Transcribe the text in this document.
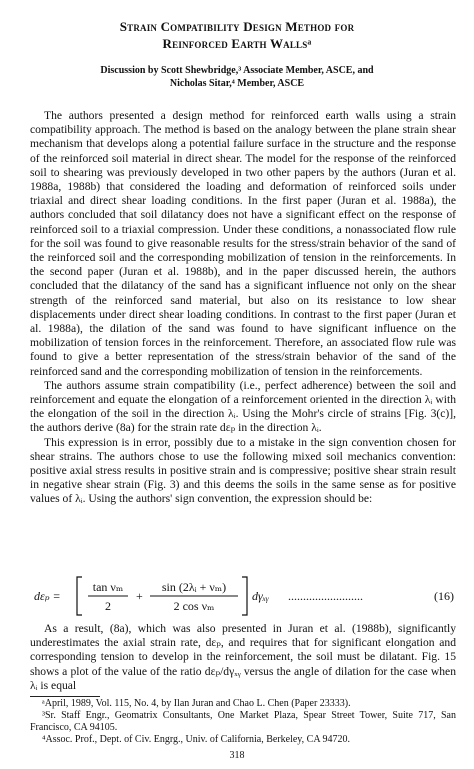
Strain Compatibility Design Method for
Reinforced Earth Wallsᵃ
Discussion by Scott Shewbridge,³ Associate Member, ASCE, and
Nicholas Sitar,⁴ Member, ASCE

The authors presented a design method for reinforced earth walls using a strain compatibility approach. The method is based on the analogy between the plane strain shear mechanism that develops along a potential failure surface in the structure and the response of the reinforced soil material in direct shear. The model for the response of the reinforced soil to shearing was previously developed in two other papers by the authors (Juran et al. 1988a, 1988b) that considered the loading and deformation of reinforced soils under triaxial and direct shear loading conditions. In the first paper (Juran et al. 1988a), the authors concluded that soil dilatancy does not have a significant effect on the response of reinforced soil to a triaxial compression. Under these conditions, a nonassociated flow rule for the soil was found to give reasonable results for the stress/strain behavior of the sand of the reinforced soil and the corresponding mobilization of tension in the reinforcements. In the second paper (Juran et al. 1988b), and in the paper discussed herein, the authors concluded that the dilatancy of the sand has a significant influence not only on the shear strength of the reinforced sand material, but also on its resistance to low shear displacements under direct shear loading conditions. In contrast to the first paper (Juran et al. 1988a), the dilation of the sand was found to have significant influence on the mobilization of tension forces in the reinforcement. Therefore, an associated flow rule was found to give a better representation of the stress/strain behavior of the sand of the reinforced sand and the corresponding mobilization of tension in the reinforcements.

The authors assume strain compatibility (i.e., perfect adherence) between the soil and reinforcement and equate the elongation of a reinforcement oriented in the direction λᵢ with the elongation of the soil in the direction λᵢ. Using the Mohr's circle of strains [Fig. 3(c)], the authors derive (8a) for the strain rate dεₚ in the direction λᵢ.

This expression is in error, possibly due to a mistake in the sign convention chosen for shear strains. The authors chose to use the following mixed soil mechanics convention: positive axial stress results in positive strain and is compressive; positive shear strain result in negative shear strain (Fig. 3) and this deems the soils in the same sense as for positive values of λᵢ. Using the authors' sign convention, the expression should be:

dεₚ =
tan νₘ
2
+
sin (2λᵢ + νₘ)
2 cos νₘ
dγₓᵧ .........................	(16)

As a result, (8a), which was also presented in Juran et al. (1988b), significantly underestimates the axial strain rate, dεₚ, and requires that for significant elongation and corresponding tension to develop in the reinforcement, the soil must be dilatant. Fig. 15 shows a plot of the value of the ratio dεₚ/dγₓᵧ versus the angle of dilation for the case when λᵢ is equal

ᵃApril, 1989, Vol. 115, No. 4, by Ilan Juran and Chao L. Chen (Paper 23333).

³Sr. Staff Engr., Geomatrix Consultants, One Market Plaza, Spear Street Tower, Suite 717, San Francisco, CA 94105.

⁴Assoc. Prof., Dept. of Civ. Engrg., Univ. of California, Berkeley, CA 94720.

318
